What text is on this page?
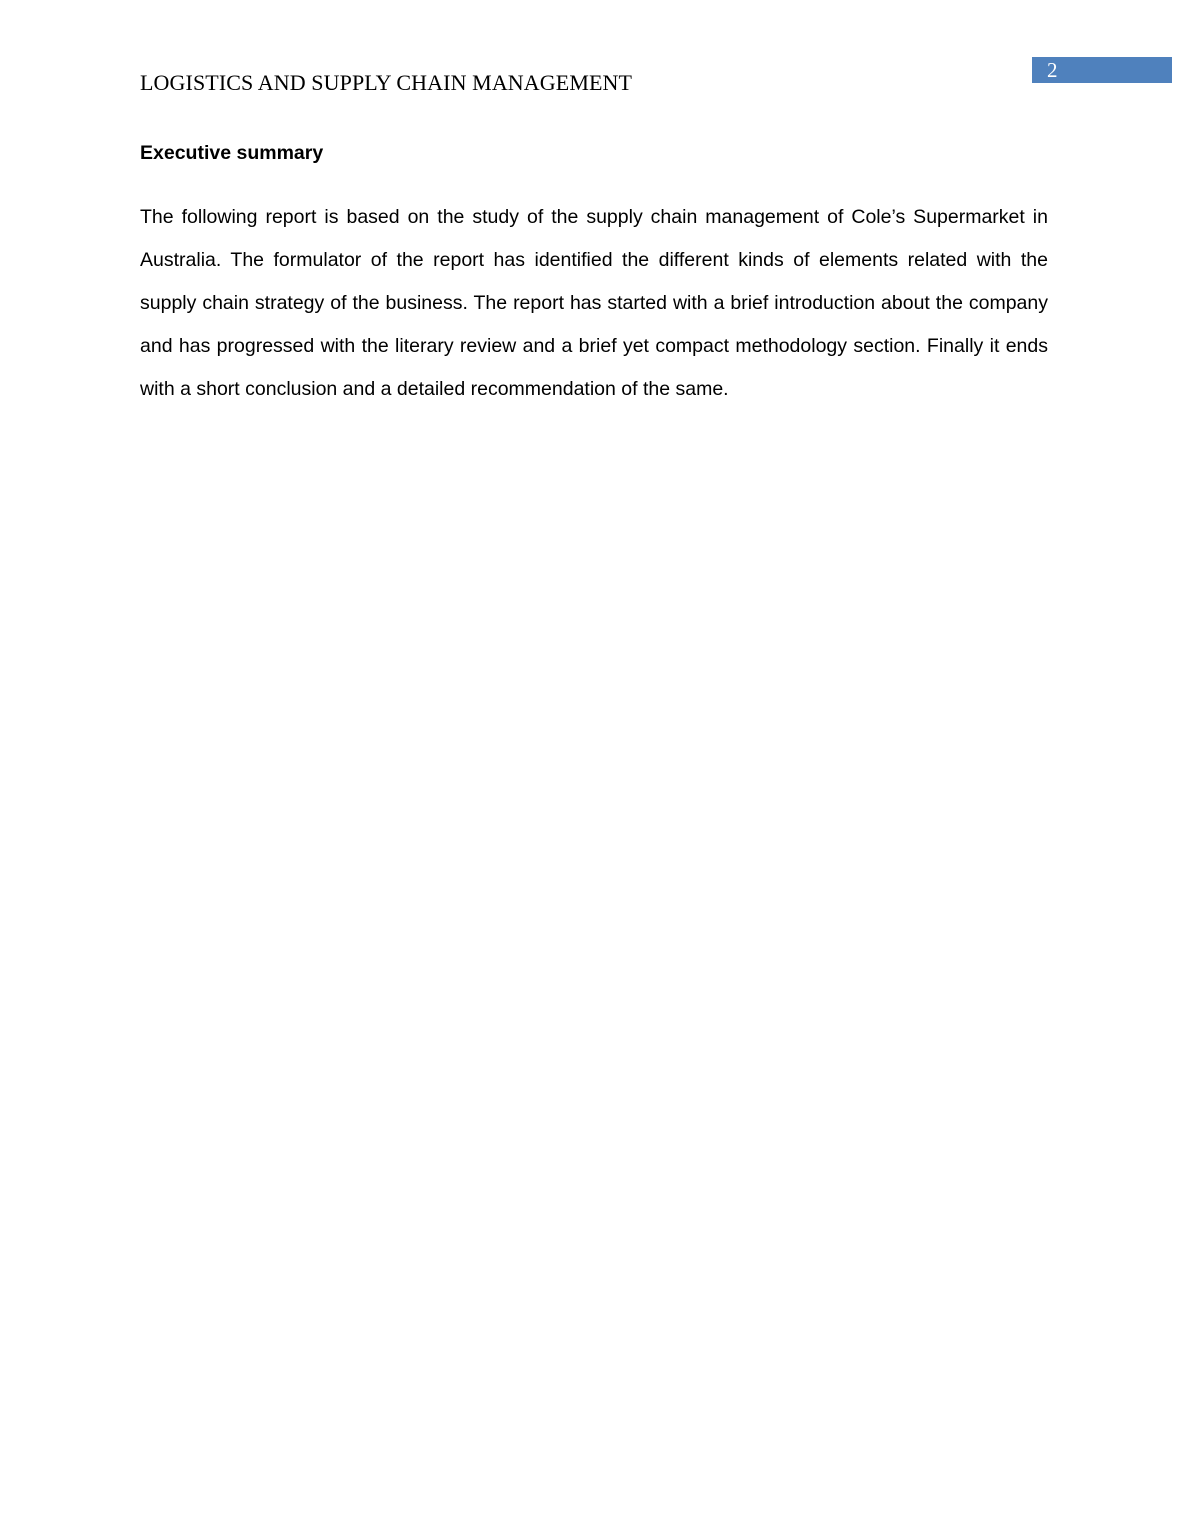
2
LOGISTICS AND SUPPLY CHAIN MANAGEMENT
Executive summary

The following report is based on the study of the supply chain management of Cole’s Supermarket in Australia. The formulator of the report has identified the different kinds of elements related with the supply chain strategy of the business. The report has started with a brief introduction about the company and has progressed with the literary review and a brief yet compact methodology section. Finally it ends with a short conclusion and a detailed recommendation of the same.
